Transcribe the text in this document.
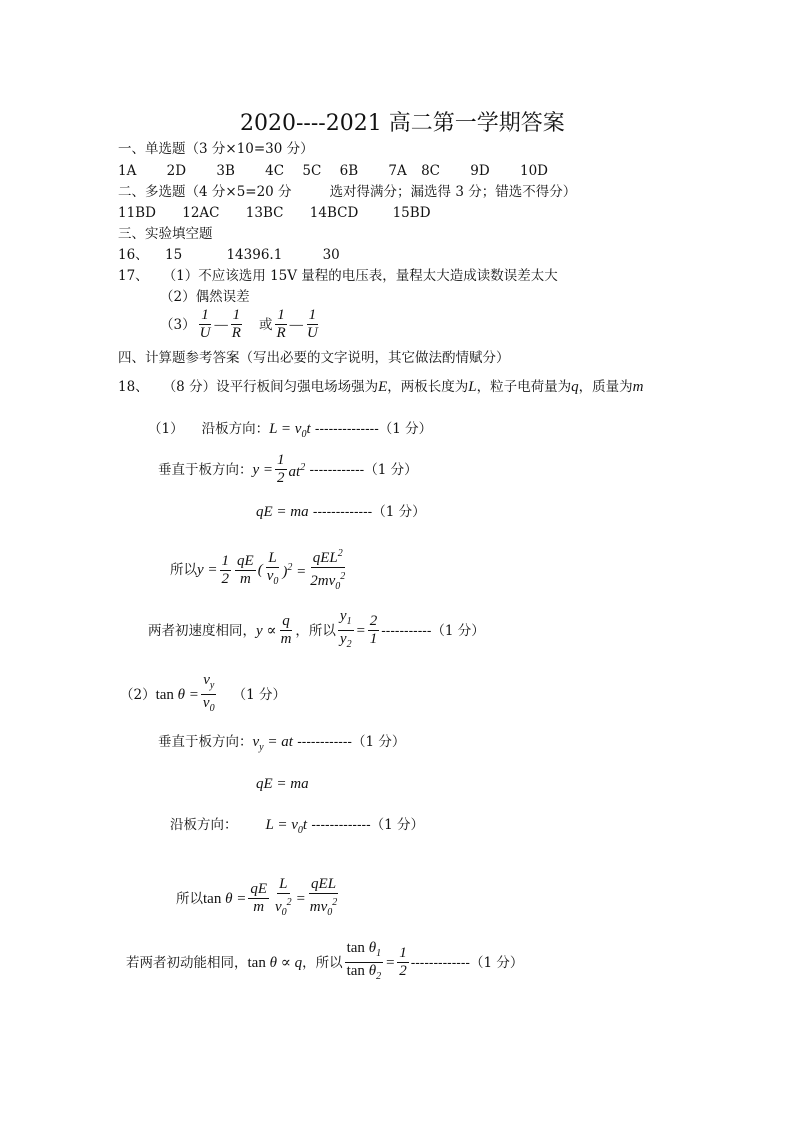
2020----2021 高二第一学期答案
一、单选题（3 分×10=30 分）
1A 2D 3B 4C 5C 6B 7A 8C 9D 10D
二、多选题（4 分×5=20 分	选对得满分；漏选得 3 分；错选不得分）
11BD 12AC 13BC 14BCD	15BD
三、实验填空题
16、 15	14396.1	30
17、 （1）不应该选用 15V 量程的电压表，量程太大造成读数误差太大
（2）偶然误差
$(3) \frac{1}{U}$ — $\frac{1}{R}$ 或 $\frac{1}{R}$ — $\frac{1}{U}$
四、计算题参考答案（写出必要的文字说明，其它做法酌情赋分）
18、 （8 分）设平行板间匀强电场场强为E，两板长度为L，粒子电荷量为q，质量为m
（1） 沿板方向：$L = v_0t$ --------------（1 分）
垂直于板方向： $y = \frac{1}{2} at^2$
------------ （1 分）
qE = ma -------------（1 分）
所以 $y = \frac{1}{2} \frac{qE}{m}$ ( $\frac{L}{v_0} )^2 = \frac{qEL^2}{2mv_0^2}$
两者初速度相同， $y \propto \frac{q}{m}$ ，所以 $\frac{y_1}{y_2} = \frac{2}{1}$ ----------- （1 分）
（2） $\tan \theta = \frac{v_y}{v_0} (1$ 分）
垂直于板方向：$v_y$ = at ------------（1 分）
qE = ma
沿板方向： $L = v_0t$ -------------（1 分）
所以 $\tan \theta = \frac{qE}{m} \frac{L}{v_0^2} = \frac{\text{qEL}}{mv_0^2}$
若两者初动能相同， tan θ ∝ q ，所以 $\frac{\tan \theta_1}{\tan \theta_2} = \frac{1}{2}$ ------------- （1 分）
